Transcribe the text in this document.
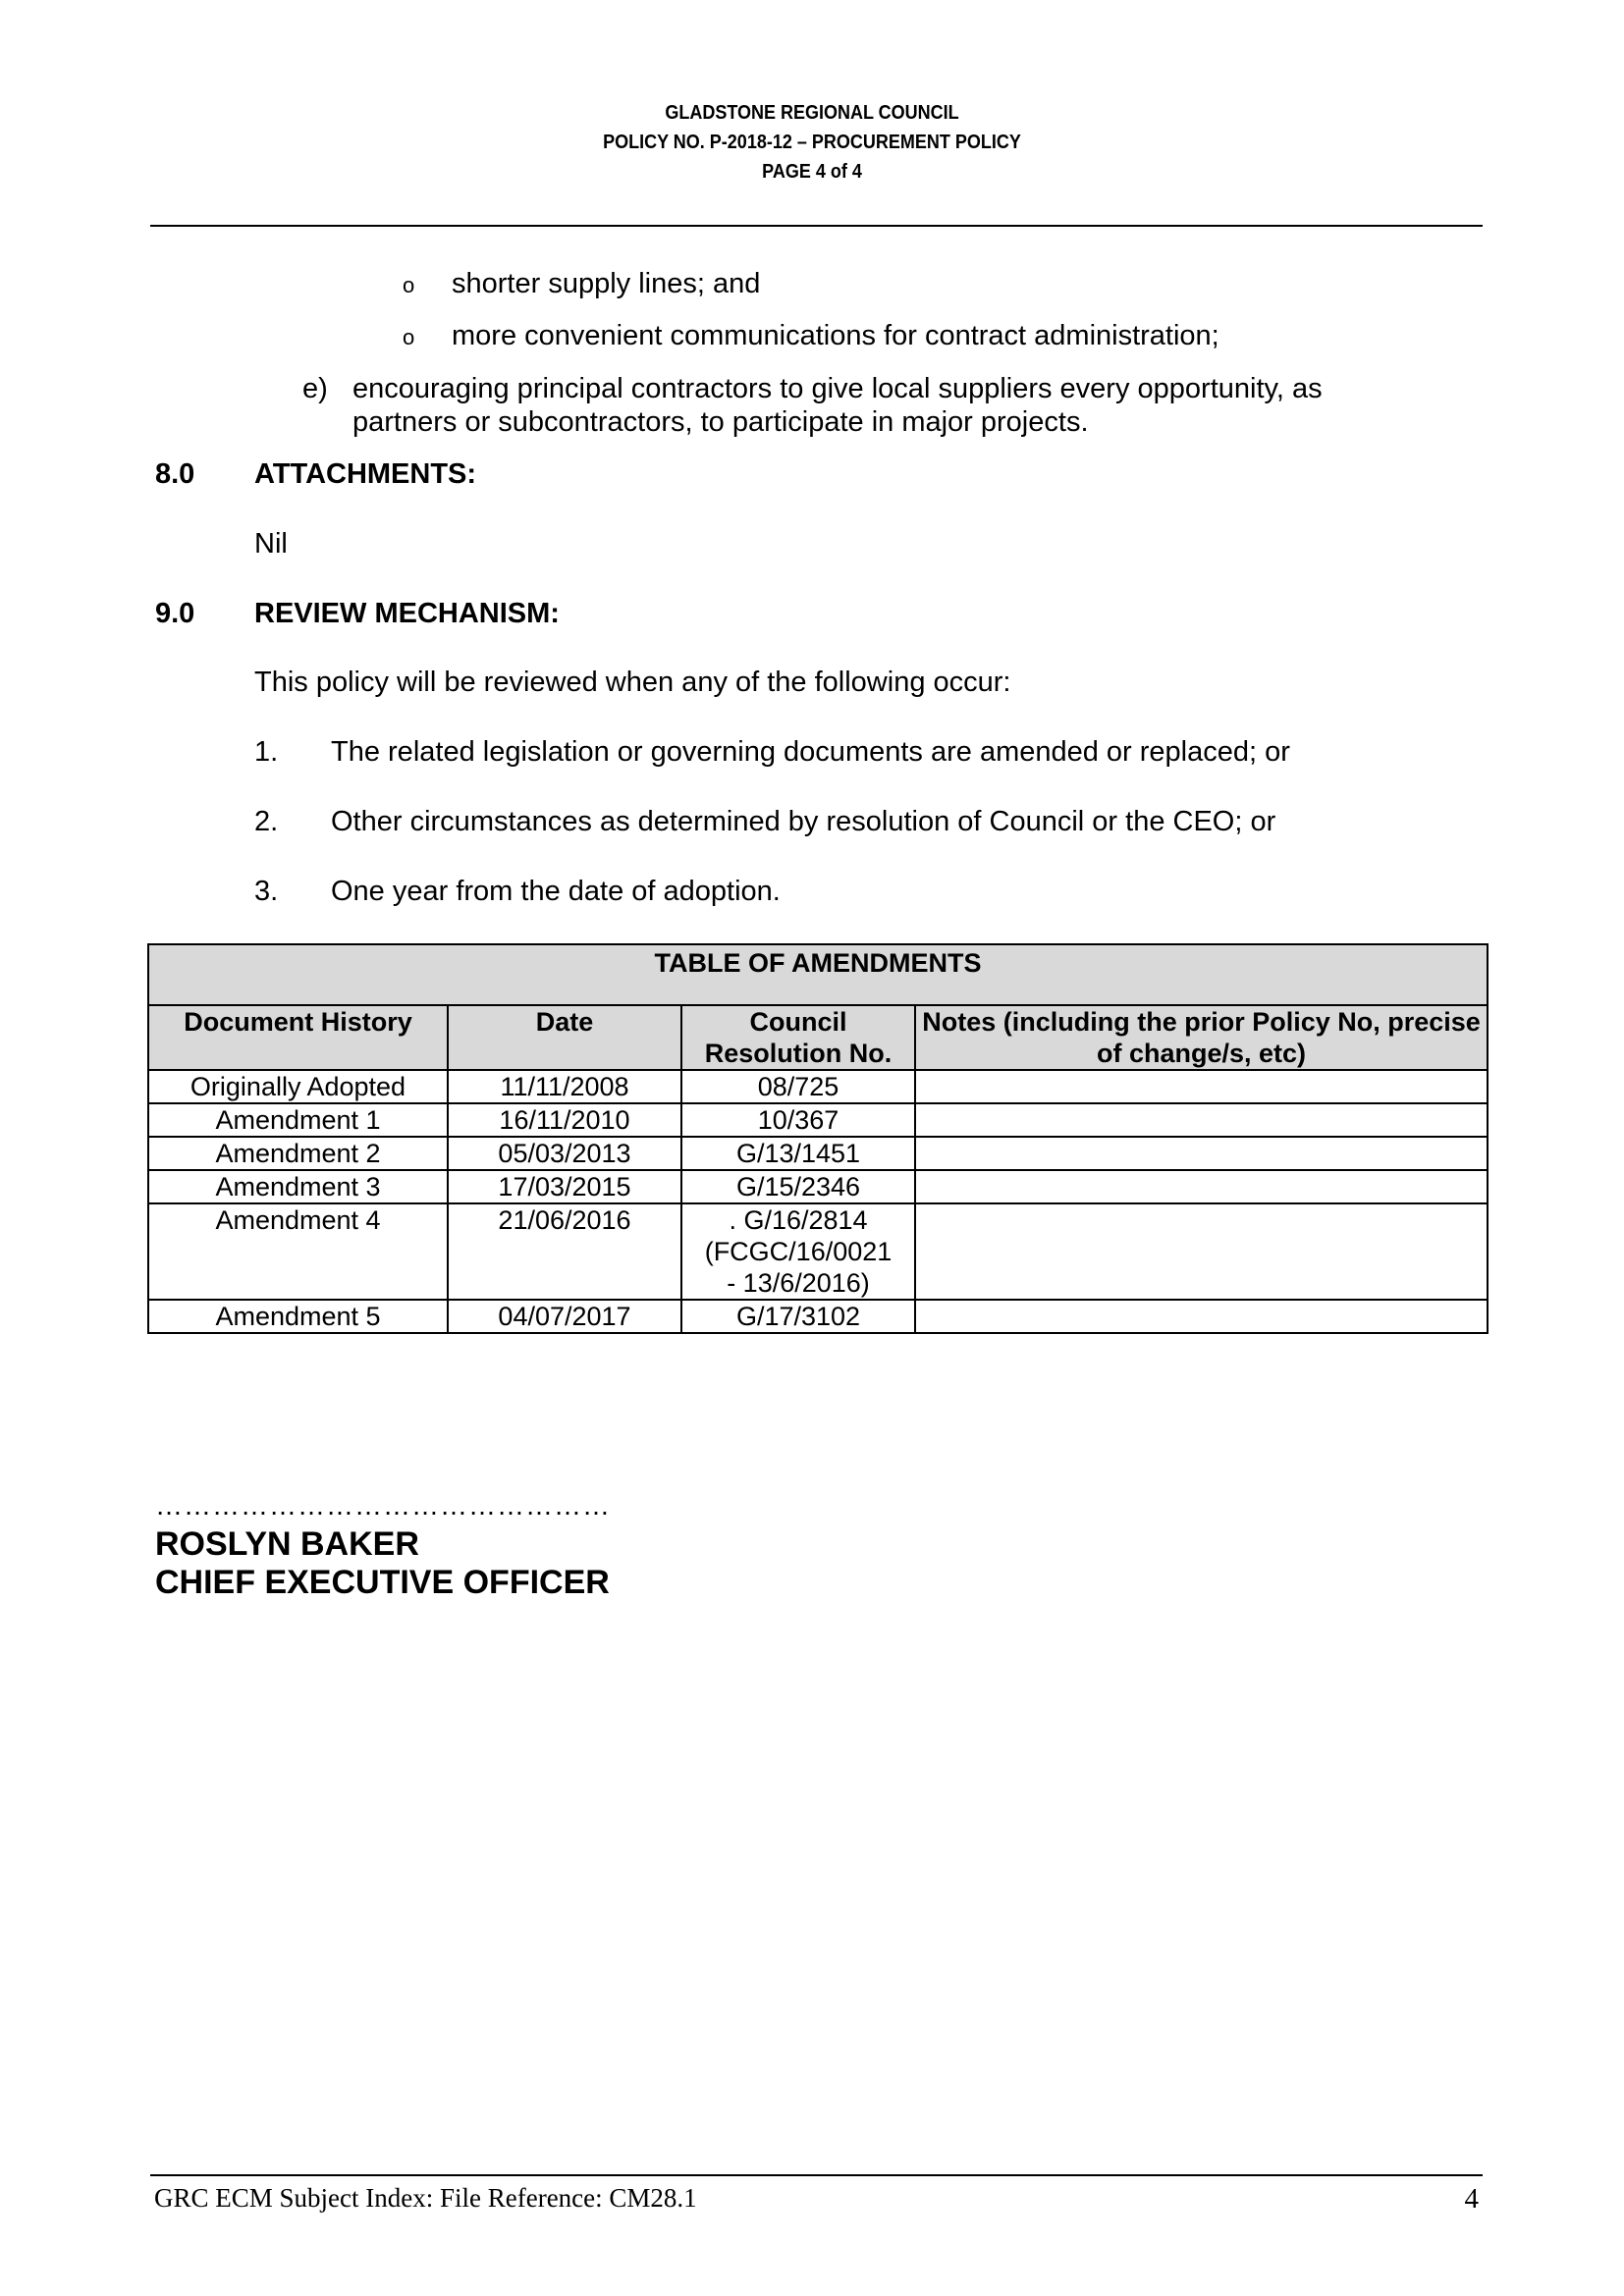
GLADSTONE REGIONAL COUNCIL
POLICY NO. P-2018-12 – PROCUREMENT POLICY
PAGE 4 of 4
o shorter supply lines; and
o more convenient communications for contract administration;
e) encouraging principal contractors to give local suppliers every opportunity, as
partners or subcontractors, to participate in major projects.
8.0 ATTACHMENTS:
Nil
9.0 REVIEW MECHANISM:
This policy will be reviewed when any of the following occur:
1. The related legislation or governing documents are amended or replaced; or
2. Other circumstances as determined by resolution of Council or the CEO; or
3. One year from the date of adoption.
TABLE OF AMENDMENTS			
Document History	Date	Council Resolution No.	Notes (including the prior Policy No, precise of change/s, etc)
Originally Adopted	11/11/2008	08/725	
Amendment 1	16/11/2010	10/367	
Amendment 2	05/03/2013	G/13/1451	
Amendment 3	17/03/2015	G/15/2346	
Amendment 4	21/06/2016	. G/16/2814
(FCGC/16/0021
- 13/6/2016)	

Amendment 5	04/07/2017	G/17/3102	
…………………………………………
ROSLYN BAKER
CHIEF EXECUTIVE OFFICER
GRC ECM Subject Index: File Reference: CM28.1	4
